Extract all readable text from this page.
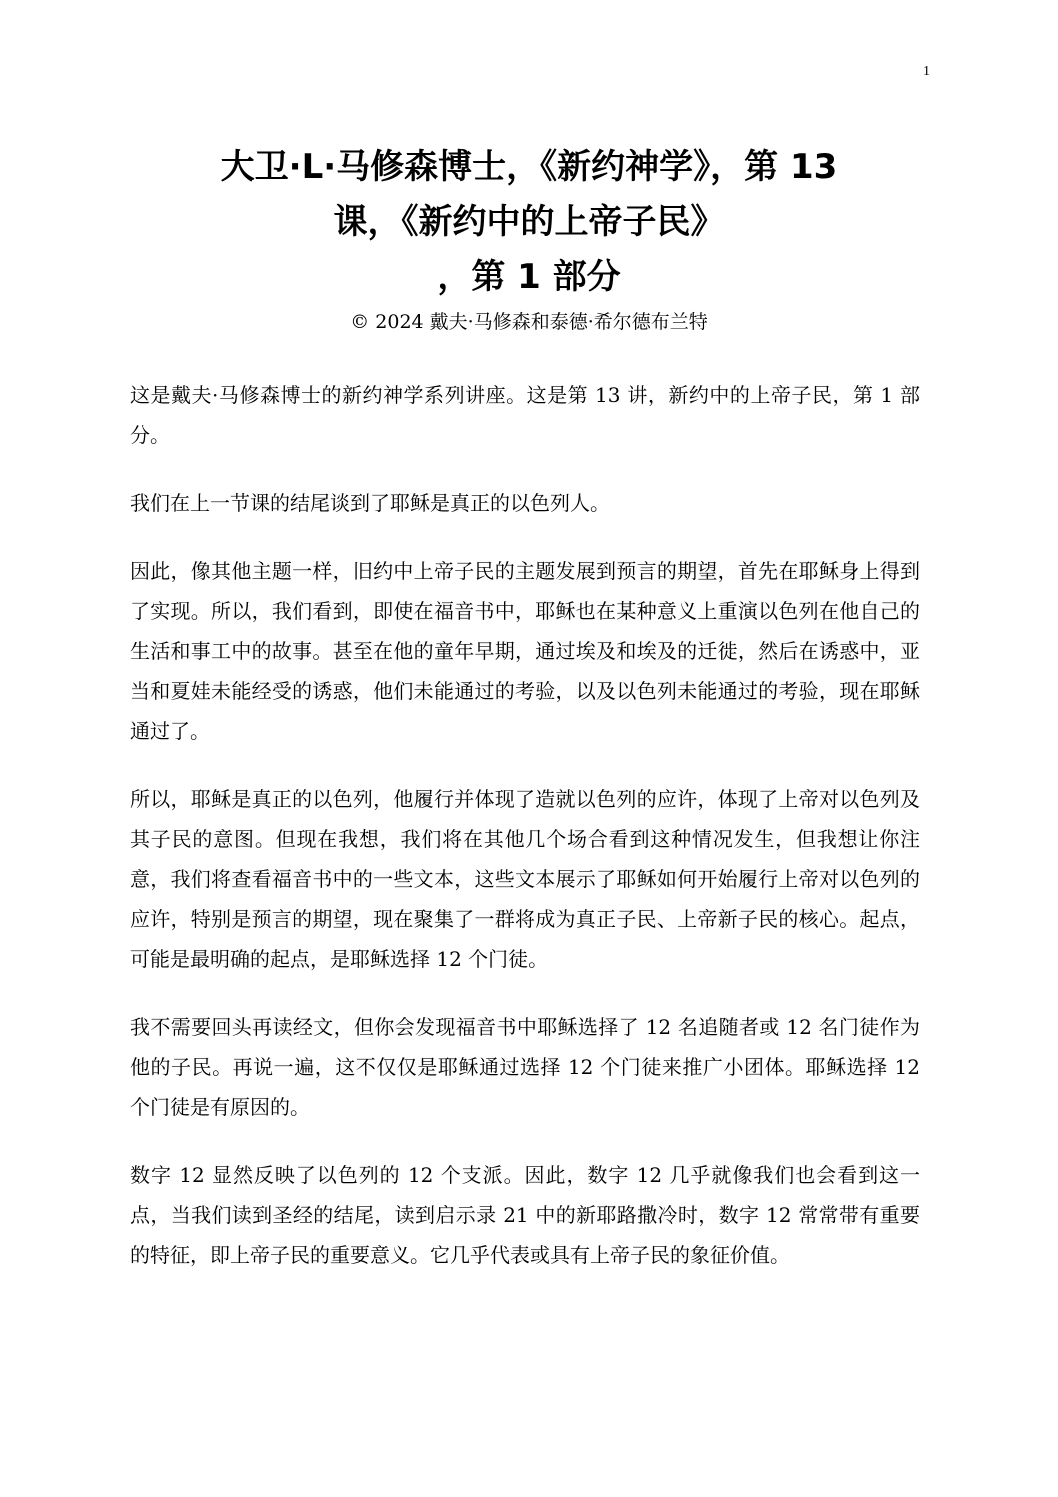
1
大卫·L·马修森博士，《新约神学》，第 13
课，《新约中的上帝子民》
，第 1 部分
© 2024 戴夫·马修森和泰德·希尔德布兰特

这是戴夫·马修森博士的新约神学系列讲座。这是第 13 讲，新约中的上帝子民，第 1 部分。

我们在上一节课的结尾谈到了耶稣是真正的以色列人。

因此，像其他主题一样，旧约中上帝子民的主题发展到预言的期望，首先在耶稣身上得到了实现。所以，我们看到，即使在福音书中，耶稣也在某种意义上重演以色列在他自己的生活和事工中的故事。甚至在他的童年早期，通过埃及和埃及的迁徙，然后在诱惑中，亚当和夏娃未能经受的诱惑，他们未能通过的考验，以及以色列未能通过的考验，现在耶稣通过了。

所以，耶稣是真正的以色列，他履行并体现了造就以色列的应许，体现了上帝对以色列及其子民的意图。但现在我想，我们将在其他几个场合看到这种情况发生，但我想让你注意，我们将查看福音书中的一些文本，这些文本展示了耶稣如何开始履行上帝对以色列的应许，特别是预言的期望，现在聚集了一群将成为真正子民、上帝新子民的核心。起点，可能是最明确的起点，是耶稣选择 12 个门徒。

我不需要回头再读经文，但你会发现福音书中耶稣选择了 12 名追随者或 12 名门徒作为他的子民。再说一遍，这不仅仅是耶稣通过选择 12 个门徒来推广小团体。耶稣选择 12 个门徒是有原因的。

数字 12 显然反映了以色列的 12 个支派。因此，数字 12 几乎就像我们也会看到这一点，当我们读到圣经的结尾，读到启示录 21 中的新耶路撒冷时，数字 12 常常带有重要的特征，即上帝子民的重要意义。它几乎代表或具有上帝子民的象征价值。
